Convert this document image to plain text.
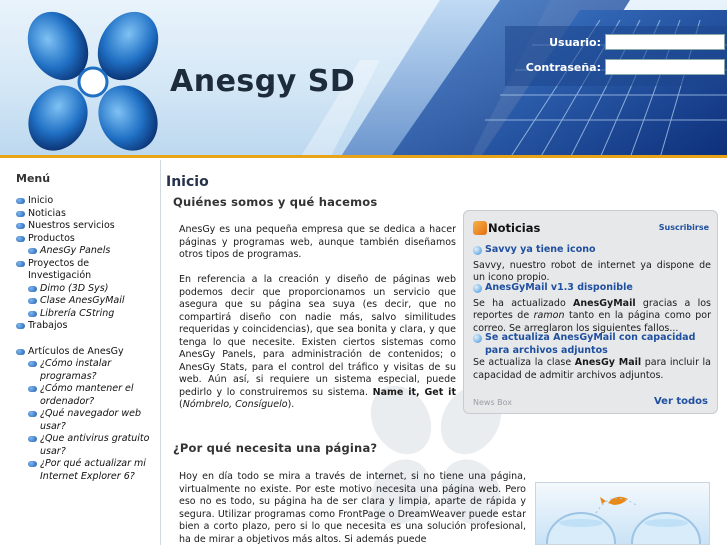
Anesgy SD
Usuario:
Contraseña:
Menú
Inicio
Noticias
Nuestros servicios
Productos
AnesGy Panels
Proyectos de Investigación
Dimo (3D Sys)
Clase AnesGyMail
Librería CString
Trabajos
Artículos de AnesGy
¿Cómo instalar programas?
¿Cómo mantener el ordenador?
¿Qué navegador web usar?
¿Que antivirus gratuito usar?
¿Por qué actualizar mi Internet Explorer 6?
Inicio
Quiénes somos y qué hacemos
AnesGy es una pequeña empresa que se dedica a hacer páginas y programas web, aunque también diseñamos otros tipos de programas.
En referencia a la creación y diseño de páginas web podemos decir que proporcionamos un servicio que asegura que su página sea suya (es decir, que no compartirá diseño con nadie más, salvo similitudes requeridas y coincidencias), que sea bonita y clara, y que tenga lo que necesite. Existen ciertos sistemas como AnesGy Panels, para administración de contenidos; o AnesGy Stats, para el control del tráfico y visitas de su web. Aún así, si requiere un sistema especial, puede pedirlo y lo construiremos su sistema. Name it, Get it (Nómbrelo, Consíguelo).
¿Por qué necesita una página?
Hoy en día todo se mira a través de internet, si no tiene una página, virtualmente no existe. Por este motivo necesita una página web. Pero eso no es todo, su página ha de ser clara y limpia, aparte de rápida y segura. Utilizar programas como FrontPage o DreamWeaver puede estar bien a corto plazo, pero si lo que necesita es una solución profesional, ha de mirar a objetivos más altos. Si además puede
Noticias	Suscribirse
Savvy ya tiene icono
Savvy, nuestro robot de internet ya dispone de un icono propio.
AnesGyMail v1.3 disponible
Se ha actualizado AnesGyMail gracias a los reportes de ramon tanto en la página como por correo. Se arreglaron los siguientes fallos...
Se actualiza AnesGyMail con capacidad para archivos adjuntos
Se actualiza la clase AnesGy Mail para incluir la capacidad de admitir archivos adjuntos.
News Box	Ver todos
